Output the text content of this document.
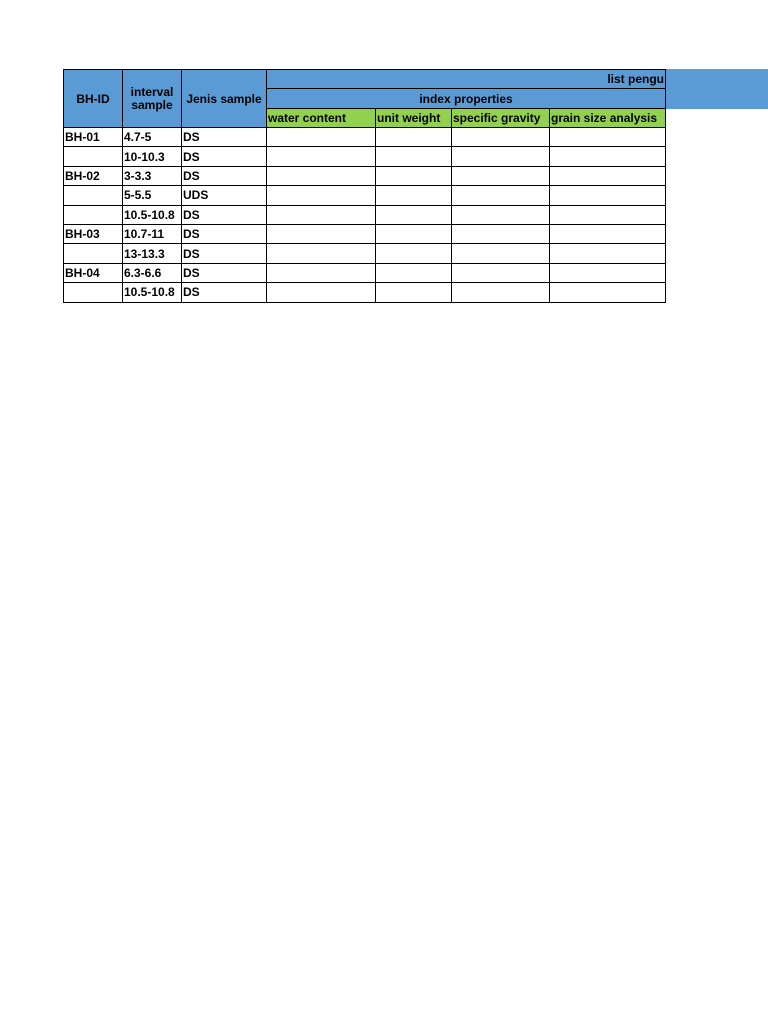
BH-ID	interval sample	Jenis sample	list pengu			
			index properties			
			water content	unit weight	specific gravity	grain size analysis
BH-01	4.7-5	DS				
	10-10.3	DS				
BH-02	3-3.3	DS				
	5-5.5	UDS				
	10.5-10.8	DS				
BH-03	10.7-11	DS				
	13-13.3	DS				
BH-04	6.3-6.6	DS				
	10.5-10.8	DS				
